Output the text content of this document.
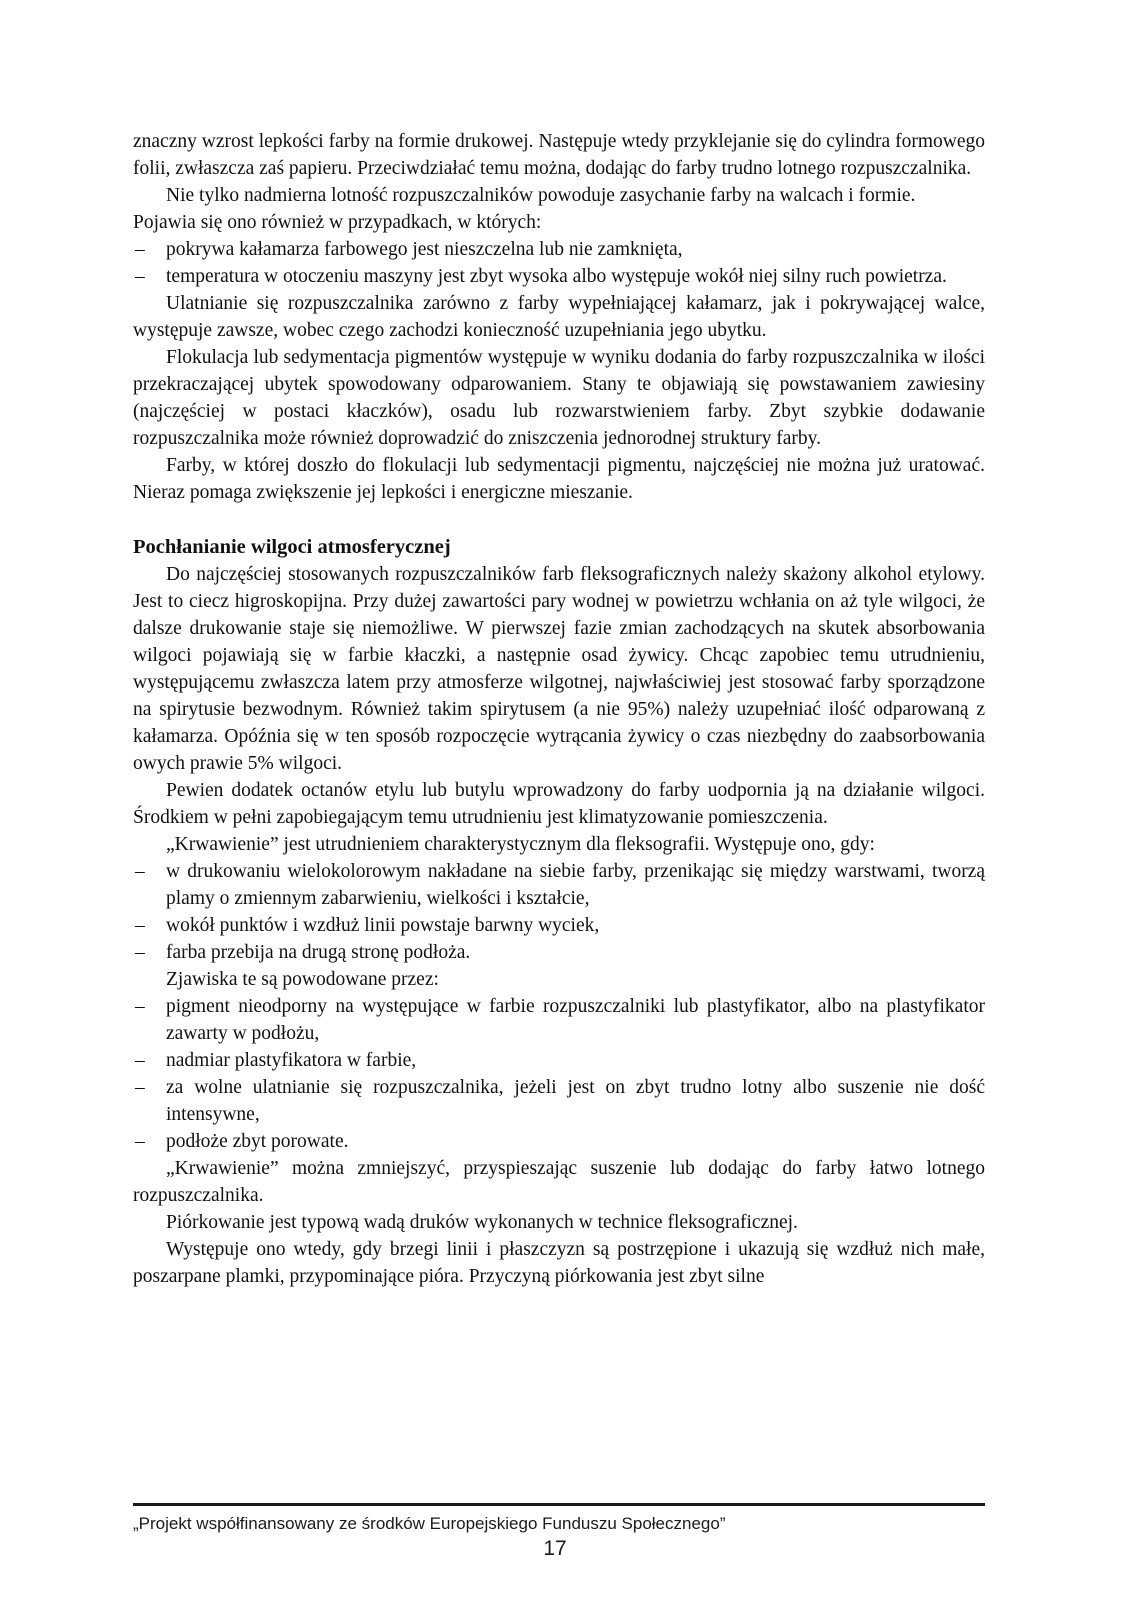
znaczny wzrost lepkości farby na formie drukowej. Następuje wtedy przyklejanie się do cylindra formowego folii, zwłaszcza zaś papieru. Przeciwdziałać temu można, dodając do farby trudno lotnego rozpuszczalnika.

Nie tylko nadmierna lotność rozpuszczalników powoduje zasychanie farby na walcach i formie.

Pojawia się ono również w przypadkach, w których:

– pokrywa kałamarza farbowego jest nieszczelna lub nie zamknięta,
– temperatura w otoczeniu maszyny jest zbyt wysoka albo występuje wokół niej silny ruch powietrza.

Ulatnianie się rozpuszczalnika zarówno z farby wypełniającej kałamarz, jak i pokrywającej walce, występuje zawsze, wobec czego zachodzi konieczność uzupełniania jego ubytku.

Flokulacja lub sedymentacja pigmentów występuje w wyniku dodania do farby rozpuszczalnika w ilości przekraczającej ubytek spowodowany odparowaniem. Stany te objawiają się powstawaniem zawiesiny (najczęściej w postaci kłaczków), osadu lub rozwarstwieniem farby. Zbyt szybkie dodawanie rozpuszczalnika może również doprowadzić do zniszczenia jednorodnej struktury farby.

Farby, w której doszło do flokulacji lub sedymentacji pigmentu, najczęściej nie można już uratować. Nieraz pomaga zwiększenie jej lepkości i energiczne mieszanie.

Pochłanianie wilgoci atmosferycznej

Do najczęściej stosowanych rozpuszczalników farb fleksograficznych należy skażony alkohol etylowy. Jest to ciecz higroskopijna. Przy dużej zawartości pary wodnej w powietrzu wchłania on aż tyle wilgoci, że dalsze drukowanie staje się niemożliwe. W pierwszej fazie zmian zachodzących na skutek absorbowania wilgoci pojawiają się w farbie kłaczki, a następnie osad żywicy. Chcąc zapobiec temu utrudnieniu, występującemu zwłaszcza latem przy atmosferze wilgotnej, najwłaściwiej jest stosować farby sporządzone na spirytusie bezwodnym. Również takim spirytusem (a nie 95%) należy uzupełniać ilość odparowaną z kałamarza. Opóźnia się w ten sposób rozpoczęcie wytrącania żywicy o czas niezbędny do zaabsorbowania owych prawie 5% wilgoci.

Pewien dodatek octanów etylu lub butylu wprowadzony do farby uodpornia ją na działanie wilgoci. Środkiem w pełni zapobiegającym temu utrudnieniu jest klimatyzowanie pomieszczenia.

„Krwawienie” jest utrudnieniem charakterystycznym dla fleksografii. Występuje ono, gdy:

– w drukowaniu wielokolorowym nakładane na siebie farby, przenikając się między warstwami, tworzą plamy o zmiennym zabarwieniu, wielkości i kształcie,
– wokół punktów i wzdłuż linii powstaje barwny wyciek,
– farba przebija na drugą stronę podłoża.

Zjawiska te są powodowane przez:

– pigment nieodporny na występujące w farbie rozpuszczalniki lub plastyfikator, albo na plastyfikator zawarty w podłożu,
– nadmiar plastyfikatora w farbie,
– za wolne ulatnianie się rozpuszczalnika, jeżeli jest on zbyt trudno lotny albo suszenie nie dość intensywne,
– podłoże zbyt porowate.

„Krwawienie” można zmniejszyć, przyspieszając suszenie lub dodając do farby łatwo lotnego rozpuszczalnika.

Piórkowanie jest typową wadą druków wykonanych w technice fleksograficznej.

Występuje ono wtedy, gdy brzegi linii i płaszczyzn są postrzępione i ukazują się wzdłuż nich małe, poszarpane plamki, przypominające pióra. Przyczyną piórkowania jest zbyt silne

„Projekt współfinansowany ze środków Europejskiego Funduszu Społecznego”
17
